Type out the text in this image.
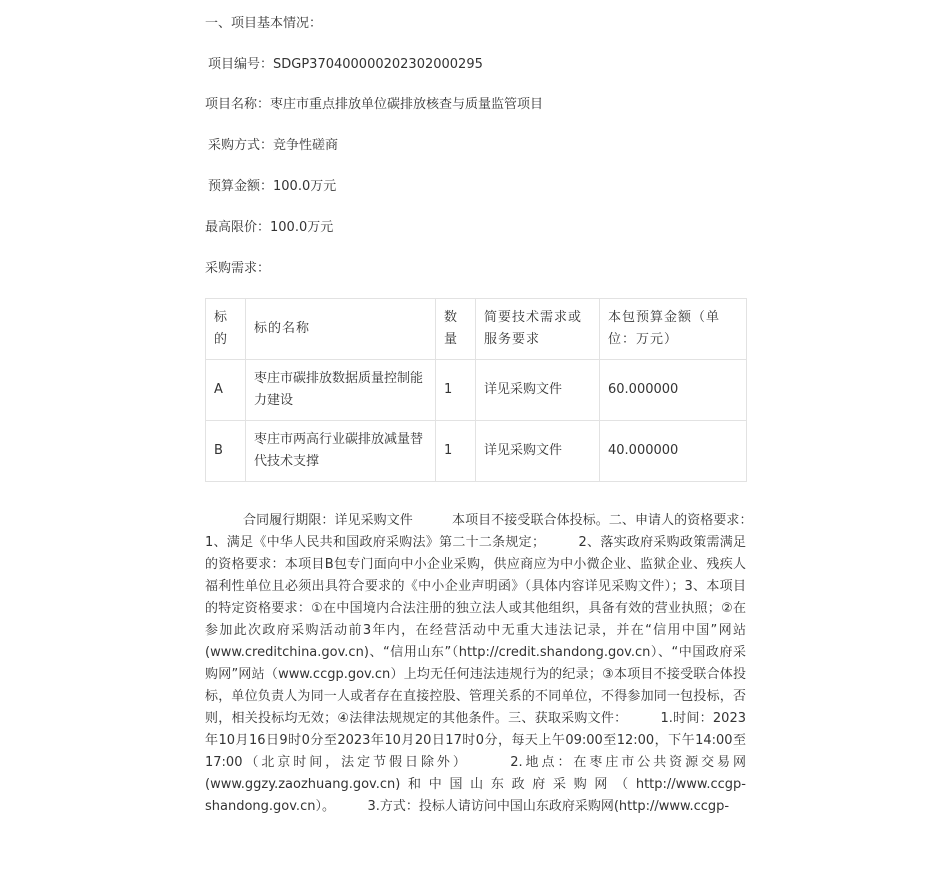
一、项目基本情况：
项目编号：SDGP370400000202302000295
项目名称：枣庄市重点排放单位碳排放核查与质量监管项目
采购方式：竞争性磋商
预算金额：100.0万元
最高限价：100.0万元
采购需求：
标的	标的名称	数量	简要技术需求或服务要求	本包预算金额（单位：万元）
A	枣庄市碳排放数据质量控制能力建设	1	详见采购文件	60.000000
B	枣庄市两高行业碳排放减量替代技术支撑	1	详见采购文件	40.000000
合同履行期限：详见采购文件　　　本项目不接受联合体投标。二、申请人的资格要求：　　　1、满足《中华人民共和国政府采购法》第二十二条规定；　　　2、落实政府采购政策需满足的资格要求：本项目B包专门面向中小企业采购，供应商应为中小微企业、监狱企业、残疾人福利性单位且必须出具符合要求的《中小企业声明函》（具体内容详见采购文件）；3、本项目的特定资格要求：①在中国境内合法注册的独立法人或其他组织，具备有效的营业执照；②在参加此次政府采购活动前3年内，在经营活动中无重大违法记录，并在“信用中国”网站(www.creditchina.gov.cn)、“信用山东”（http://credit.shandong.gov.cn）、“中国政府采购网”网站（www.ccgp.gov.cn）上均无任何违法违规行为的纪录；③本项目不接受联合体投标，单位负责人为同一人或者存在直接控股、管理关系的不同单位，不得参加同一包投标，否则，相关投标均无效；④法律法规规定的其他条件。三、获取采购文件：　　　1.时间：2023年10月16日9时0分至2023年10月20日17时0分，每天上午09:00至12:00，下午14:00至17:00（北京时间，法定节假日除外）　　　2.地点：在枣庄市公共资源交易网(www.ggzy.zaozhuang.gov.cn)和中国山东政府采购网（http://www.ccgp-shandong.gov.cn）。　　　3.方式：投标人请访问中国山东政府采购网(http://www.ccgp-
